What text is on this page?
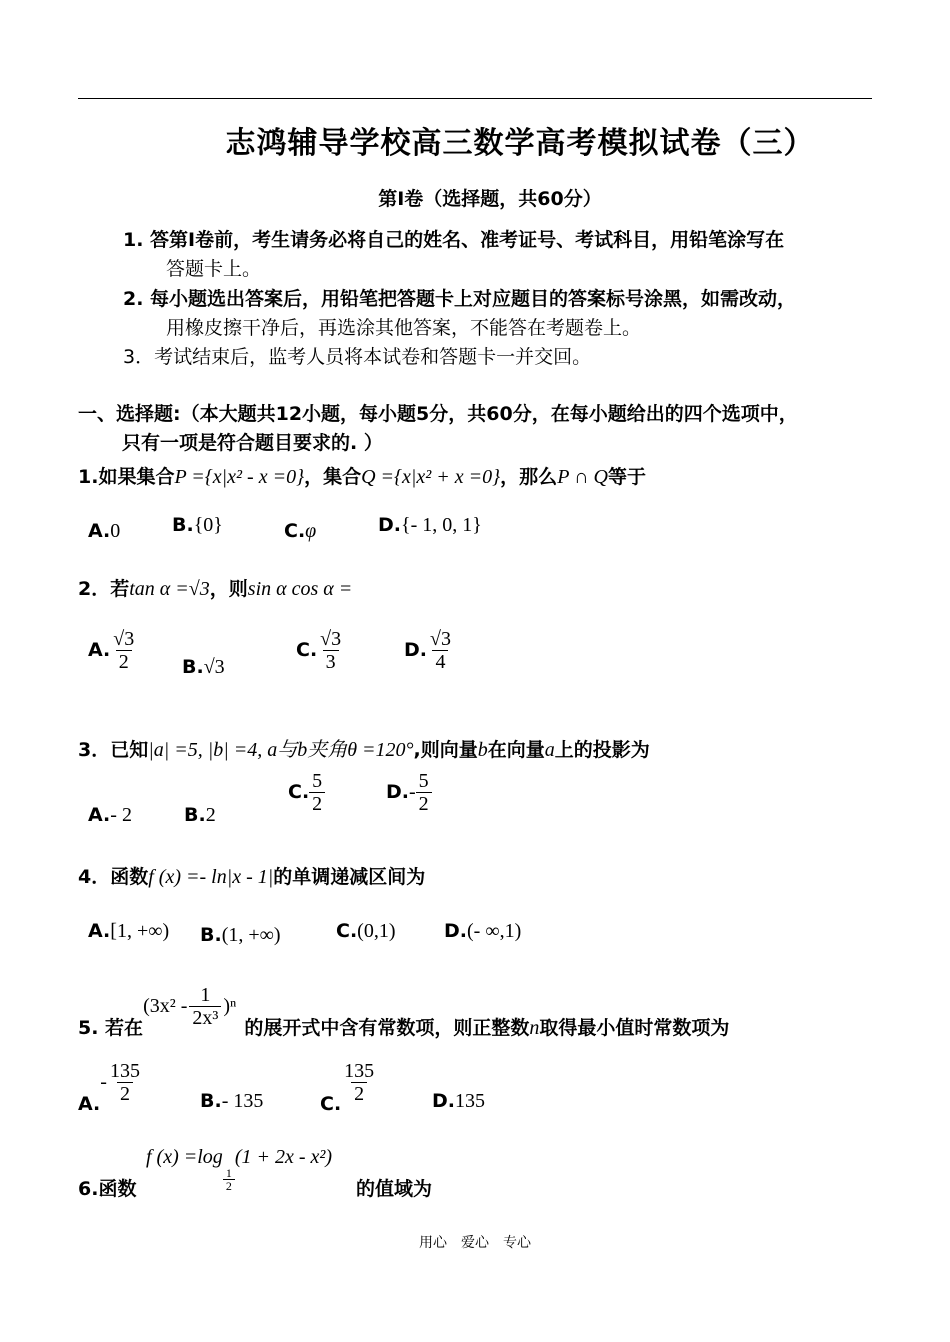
志鸿辅导学校高三数学高考模拟试卷（三）
第Ⅰ卷（选择题，共60分）
1. 答第Ⅰ卷前，考生请务必将自己的姓名、准考证号、考试科目，用铅笔涂写在
答题卡上。
2. 每小题选出答案后，用铅笔把答题卡上对应题目的答案标号涂黑，如需改动，
用橡皮擦干净后，再选涂其他答案，不能答在考题卷上。
3．考试结束后，监考人员将本试卷和答题卡一并交回。
一、选择题:（本大题共12小题，每小题5分，共60分，在每小题给出的四个选项中，
只有一项是符合题目要求的. ）
1.如果集合P ={x|x² - x =0}，集合Q ={x|x² + x =0}，那么P ∩ Q等于
A.0	B.{0}	C.φ	D.{- 1, 0, 1}
2．若tan α =√3，则sin α cos α =
A. $\frac{√3}{2} B.√3$
C. $\frac{√3}{3}$	D. $\frac{√3}{4}$
3．已知|a| =5, |b| =4, a与b夹角θ =120°,则向量b在向量a上的投影为
A.- 2	B.2
C. $\frac{5}{2}$	$D.- \frac{5}{2}$
4．函数f (x) =- ln|x - 1|的单调递减区间为
A.[1, +∞) B.(1, +∞)	C.(0,1)	D.(- ∞,1)
5. 若在$(3x^2 - \frac{1}{\text{2x³}} )^n$的展开式中含有常数项，则正整数n取得最小值时常数项为
$A.- \frac{135}{2}$	B.- 135	C. $\frac{135}{2}$	D.135
6.函数
f (x) =log
$\frac{1}{2}$
(1 + 2x - x²)
的值域为
用心　爱心　专心
